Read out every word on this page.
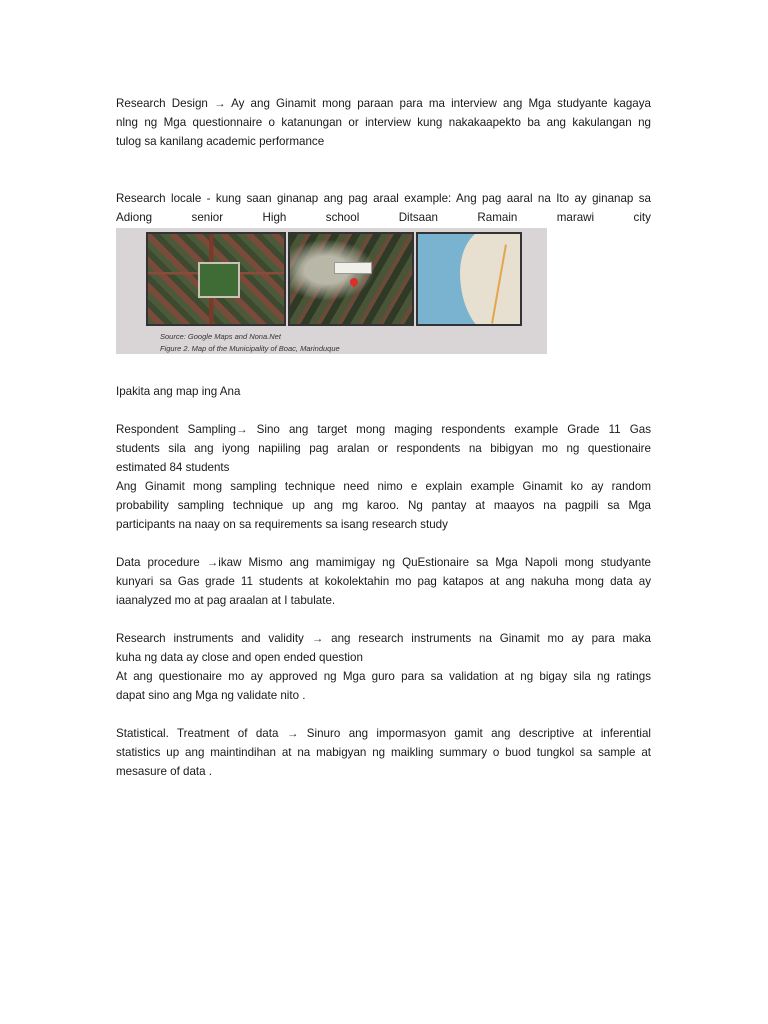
Research Design → Ay ang Ginamit mong paraan para ma interview ang Mga studyante kagaya
nlng ng Mga questionnaire o katanungan or interview kung nakakaapekto ba ang kakulangan ng
tulog sa kanilang academic performance

Research locale - kung saan ginanap ang pag araal example: Ang pag aaral na Ito ay ginanap sa
Adiong	senior	High	school	Ditsaan	Ramain	marawi	city

Source: Google Maps and Nona.Net
Figure 2. Map of the Municipality of Boac, Marinduque

Ipakita ang map ing Ana

Respondent Sampling→ Sino ang target mong maging respondents example Grade 11 Gas
students sila ang iyong napiiling pag aralan or respondents na bibigyan mo ng questionaire
estimated 84 students
Ang Ginamit mong sampling technique need nimo e explain example Ginamit ko ay random
probability sampling technique up ang mg karoo. Ng pantay at maayos na pagpili sa Mga
participants na naay on sa requirements sa isang research study

Data procedure →ikaw Mismo ang mamimigay ng QuEstionaire sa Mga Napoli mong studyante
kunyari sa Gas grade 11 students at kokolektahin mo pag katapos at ang nakuha mong data ay
iaanalyzed mo at pag araalan at I tabulate.

Research instruments and validity → ang research instruments na Ginamit mo ay para maka
kuha ng data ay close and open ended question
At ang questionaire mo ay approved ng Mga guro para sa validation at ng bigay sila ng ratings
dapat sino ang Mga ng validate nito .

Statistical. Treatment of data → Sinuro ang impormasyon gamit ang descriptive at inferential
statistics up ang maintindihan at na mabigyan ng maikling summary o buod tungkol sa sample at
mesasure of data .
